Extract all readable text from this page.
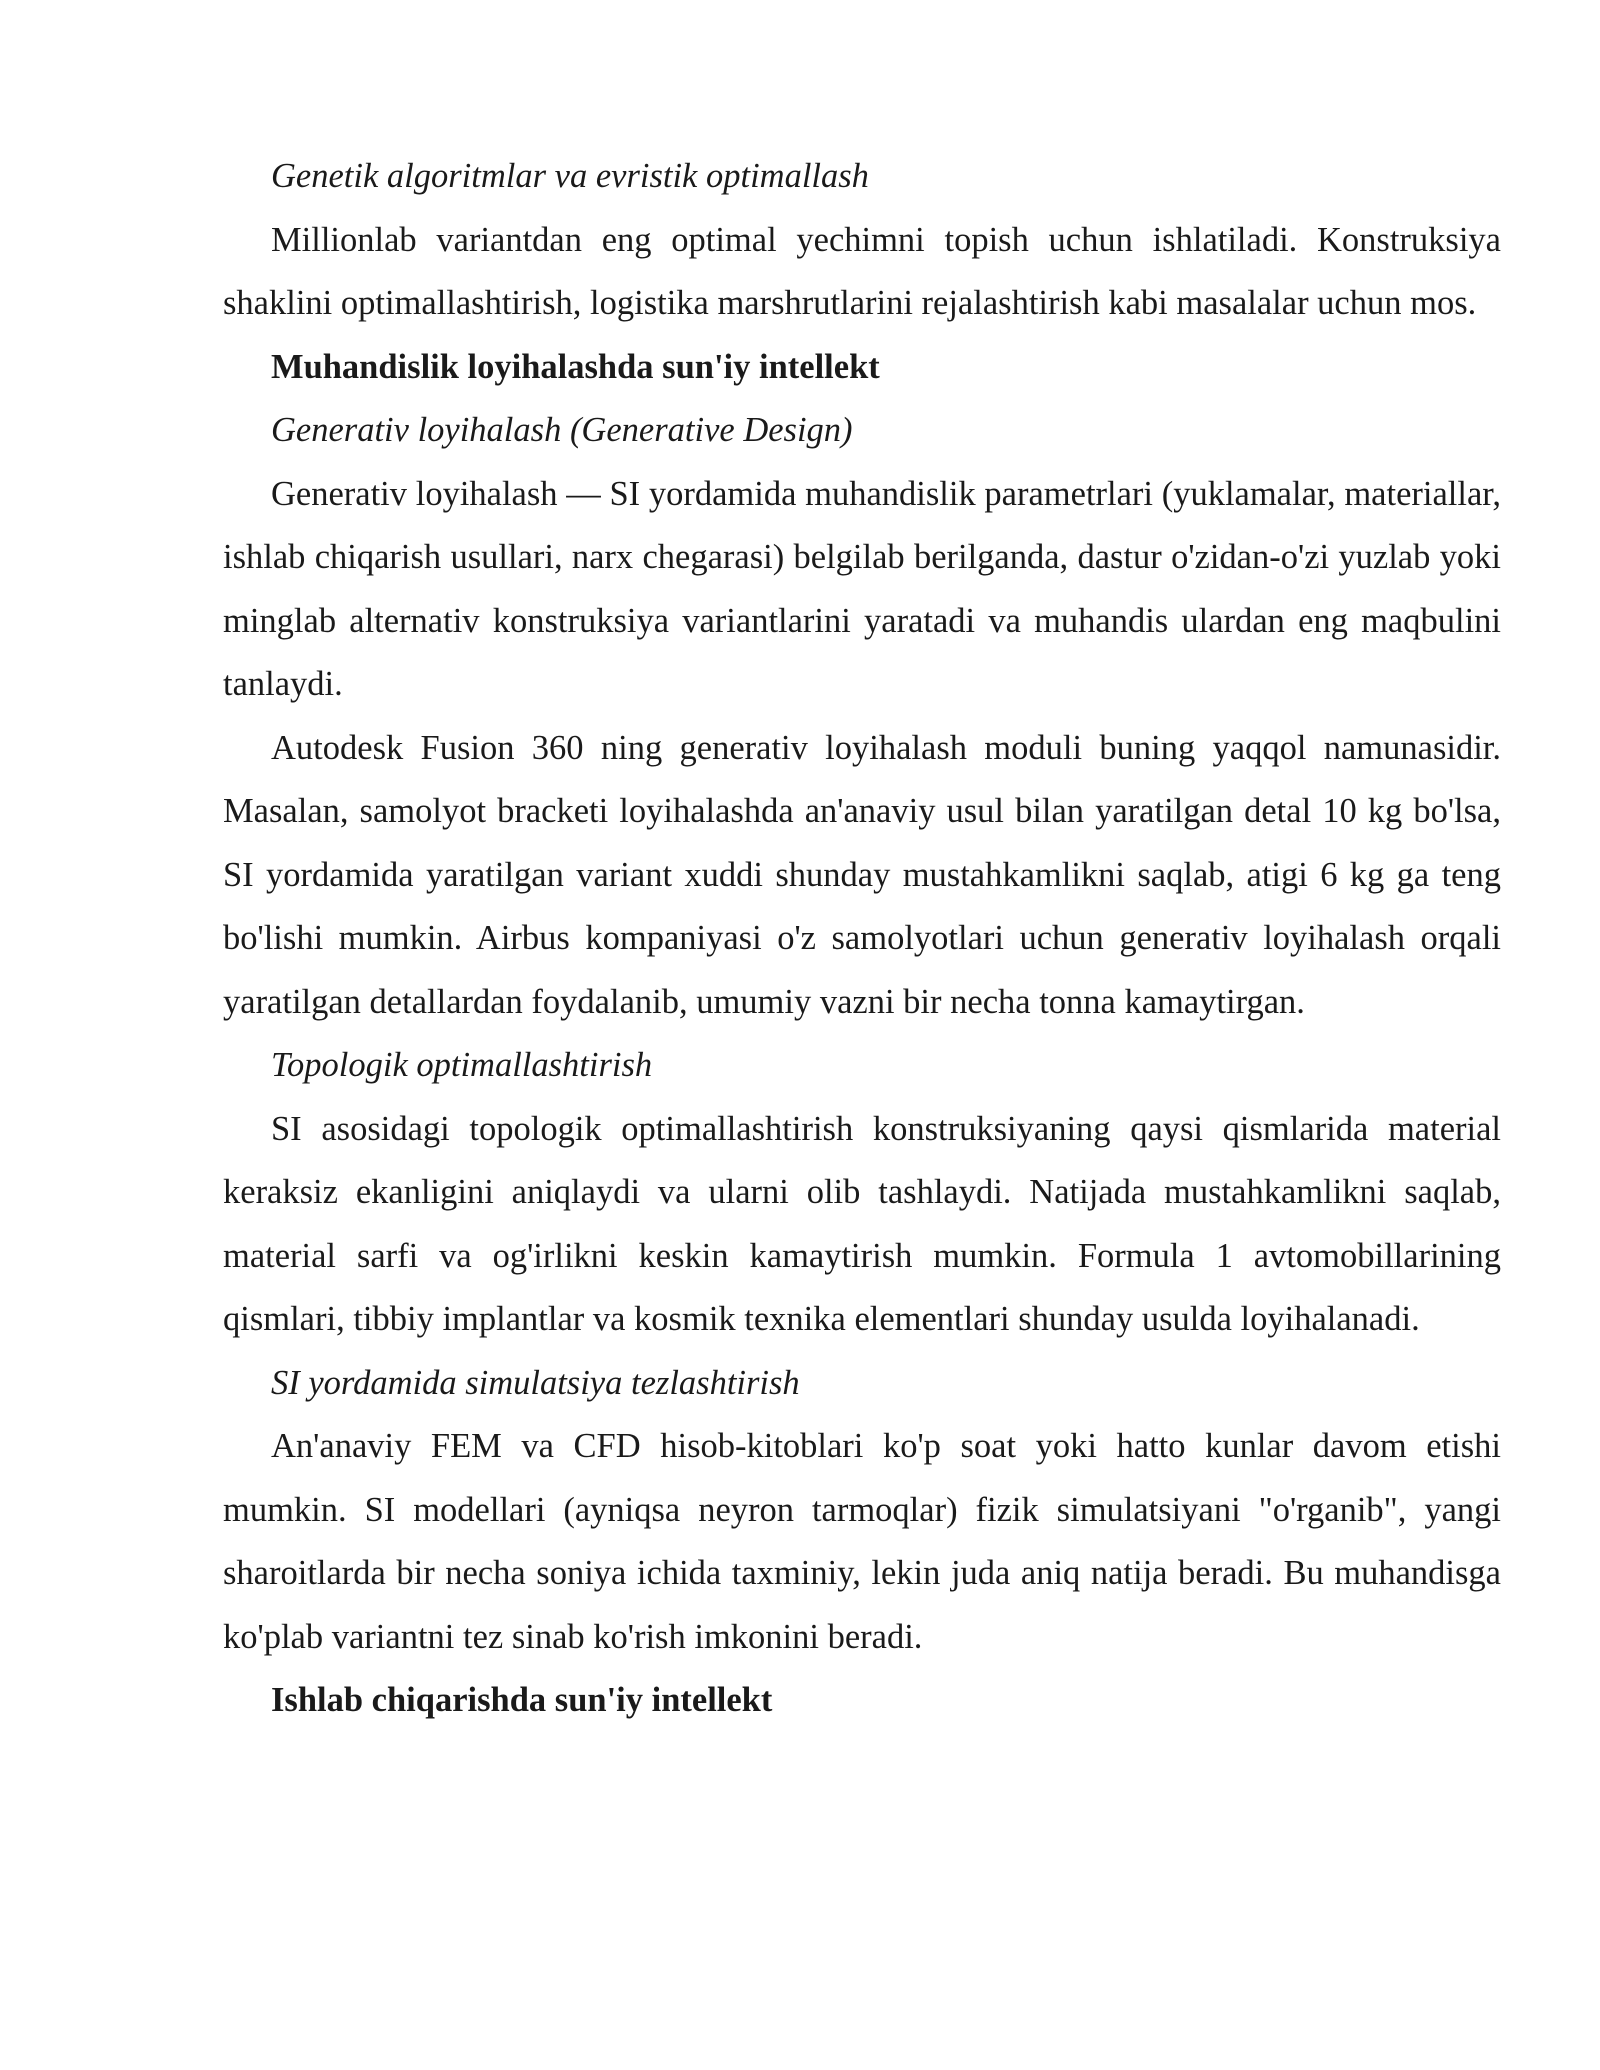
Genetik algoritmlar va evristik optimallash

Millionlab variantdan eng optimal yechimni topish uchun ishlatiladi. Konstruksiya shaklini optimallashtirish, logistika marshrutlarini rejalashtirish kabi masalalar uchun mos.

Muhandislik loyihalashda sun'iy intellekt

Generativ loyihalash (Generative Design)

Generativ loyihalash — SI yordamida muhandislik parametrlari (yuklamalar, materiallar, ishlab chiqarish usullari, narx chegarasi) belgilab berilganda, dastur o'zidan-o'zi yuzlab yoki minglab alternativ konstruksiya variantlarini yaratadi va muhandis ulardan eng maqbulini tanlaydi.

Autodesk Fusion 360 ning generativ loyihalash moduli buning yaqqol namunasidir. Masalan, samolyot bracketi loyihalashda an'anaviy usul bilan yaratilgan detal 10 kg bo'lsa, SI yordamida yaratilgan variant xuddi shunday mustahkamlikni saqlab, atigi 6 kg ga teng bo'lishi mumkin. Airbus kompaniyasi o'z samolyotlari uchun generativ loyihalash orqali yaratilgan detallardan foydalanib, umumiy vazni bir necha tonna kamaytirgan.

Topologik optimallashtirish

SI asosidagi topologik optimallashtirish konstruksiyaning qaysi qismlarida material keraksiz ekanligini aniqlaydi va ularni olib tashlaydi. Natijada mustahkamlikni saqlab, material sarfi va og'irlikni keskin kamaytirish mumkin. Formula 1 avtomobillarining qismlari, tibbiy implantlar va kosmik texnika elementlari shunday usulda loyihalanadi.

SI yordamida simulatsiya tezlashtirish

An'anaviy FEM va CFD hisob-kitoblari ko'p soat yoki hatto kunlar davom etishi mumkin. SI modellari (ayniqsa neyron tarmoqlar) fizik simulatsiyani "o'rganib", yangi sharoitlarda bir necha soniya ichida taxminiy, lekin juda aniq natija beradi. Bu muhandisga ko'plab variantni tez sinab ko'rish imkonini beradi.

Ishlab chiqarishda sun'iy intellekt
